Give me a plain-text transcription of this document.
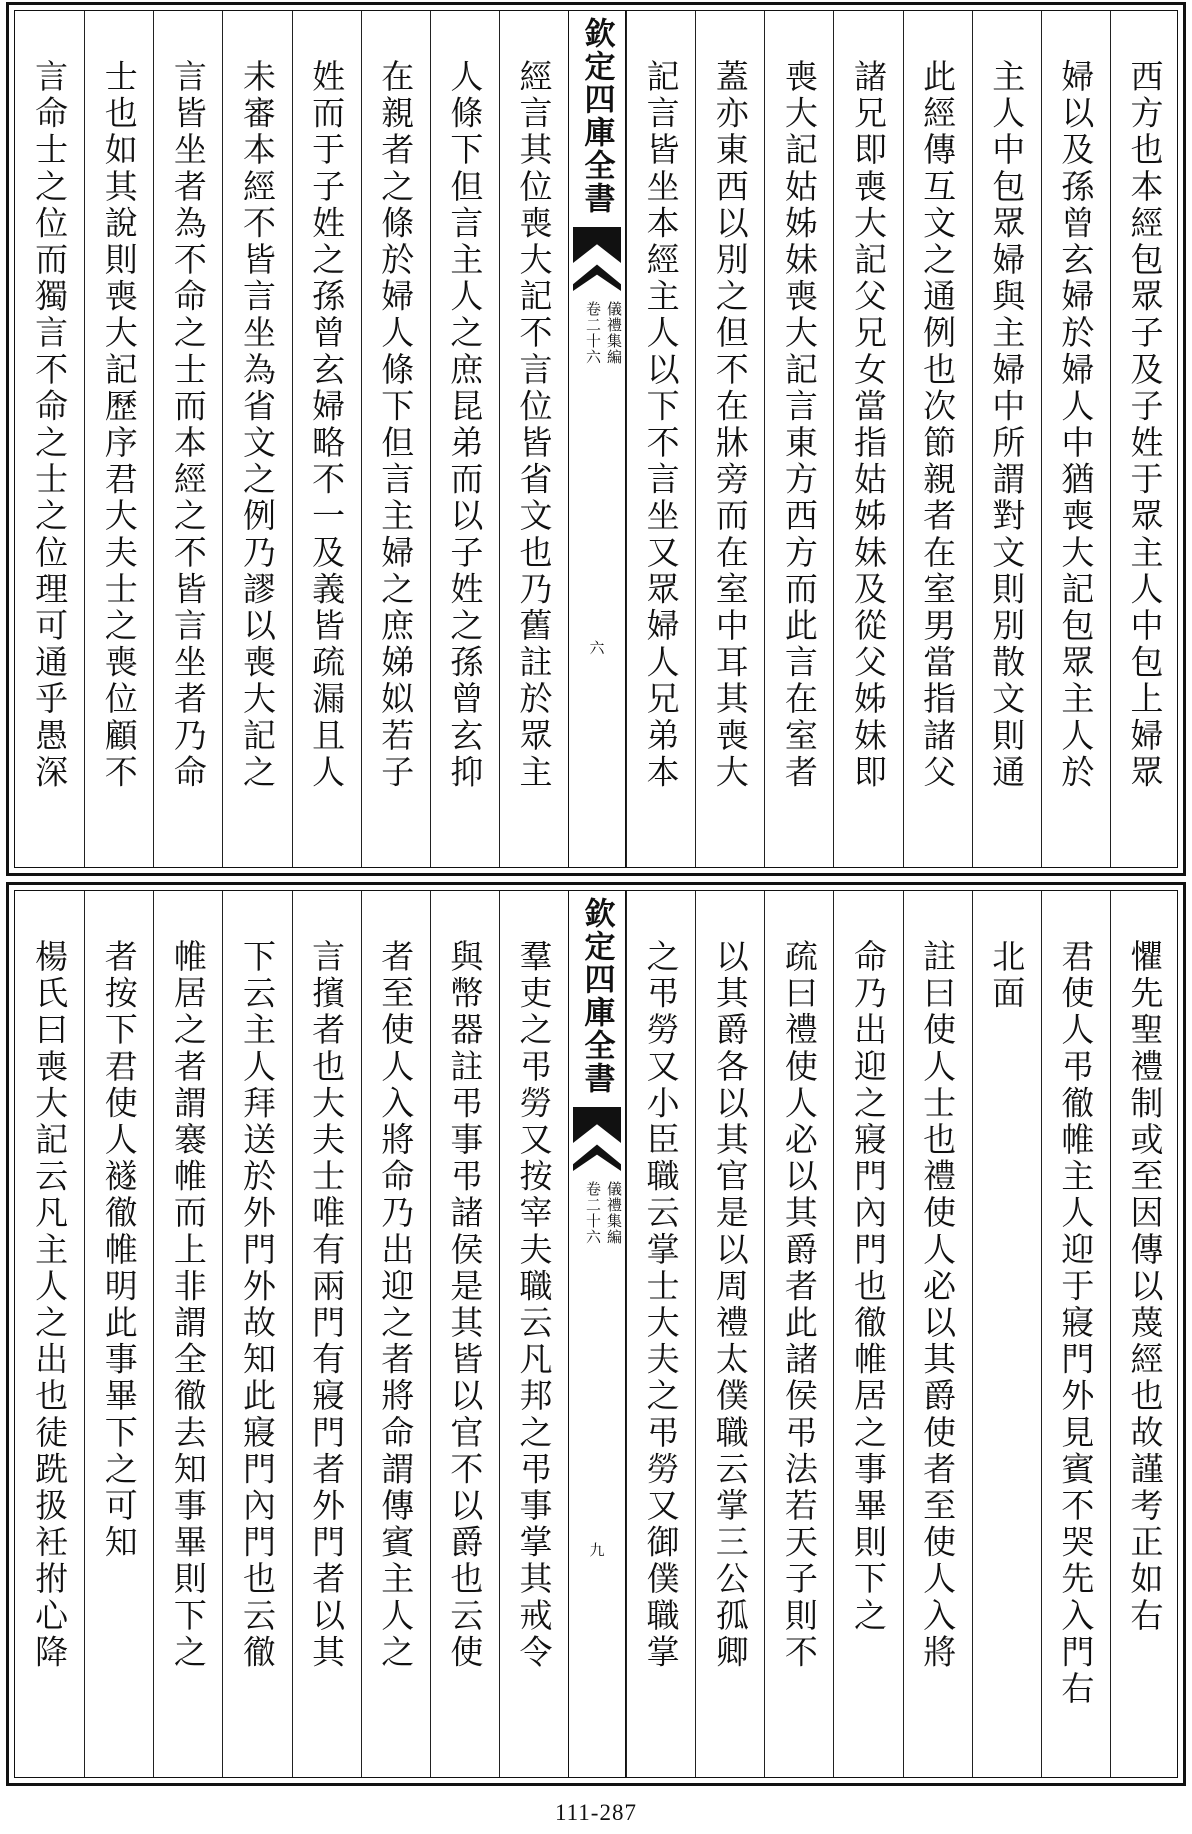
西方也本經包眾子及子姓于眾主人中包上婦眾
婦以及孫曾玄婦於婦人中猶喪大記包眾主人於
主人中包眾婦與主婦中所謂對文則別散文則通
此經傳互文之通例也次節親者在室男當指諸父
諸兄即喪大記父兄女當指姑姊妹及從父姊妹即
喪大記姑姊妹喪大記言東方西方而此言在室者
蓋亦東西以別之但不在牀旁而在室中耳其喪大
記言皆坐本經主人以下不言坐又眾婦人兄弟本
欽定四庫全書
儀禮集編
卷二十六
六
經言其位喪大記不言位皆省文也乃舊註於眾主
人條下但言主人之庶昆弟而以子姓之孫曾玄抑
在親者之條於婦人條下但言主婦之庶娣姒若子
姓而于子姓之孫曾玄婦略不一及義皆疏漏且人
未審本經不皆言坐為省文之例乃謬以喪大記之
言皆坐者為不命之士而本經之不皆言坐者乃命
士也如其說則喪大記歷序君大夫士之喪位顧不
言命士之位而獨言不命之士之位理可通乎愚深
懼先聖禮制或至因傳以蔑經也故謹考正如右
君使人弔徹帷主人迎于寢門外見賓不哭先入門右
北面
註曰使人士也禮使人必以其爵使者至使人入將
命乃出迎之寢門內門也徹帷居之事畢則下之
疏曰禮使人必以其爵者此諸侯弔法若天子則不
以其爵各以其官是以周禮太僕職云掌三公孤卿
之弔勞又小臣職云掌士大夫之弔勞又御僕職掌
欽定四庫全書
儀禮集編
卷二十六
九
羣吏之弔勞又按宰夫職云凡邦之弔事掌其戒令
與幣器註弔事弔諸侯是其皆以官不以爵也云使
者至使人入將命乃出迎之者將命謂傳賓主人之
言擯者也大夫士唯有兩門有寢門者外門者以其
下云主人拜送於外門外故知此寢門內門也云徹
帷居之者謂褰帷而上非謂全徹去知事畢則下之
者按下君使人襚徹帷明此事畢下之可知
楊氏曰喪大記云凡主人之出也徒跣扱衽拊心降
111-287
